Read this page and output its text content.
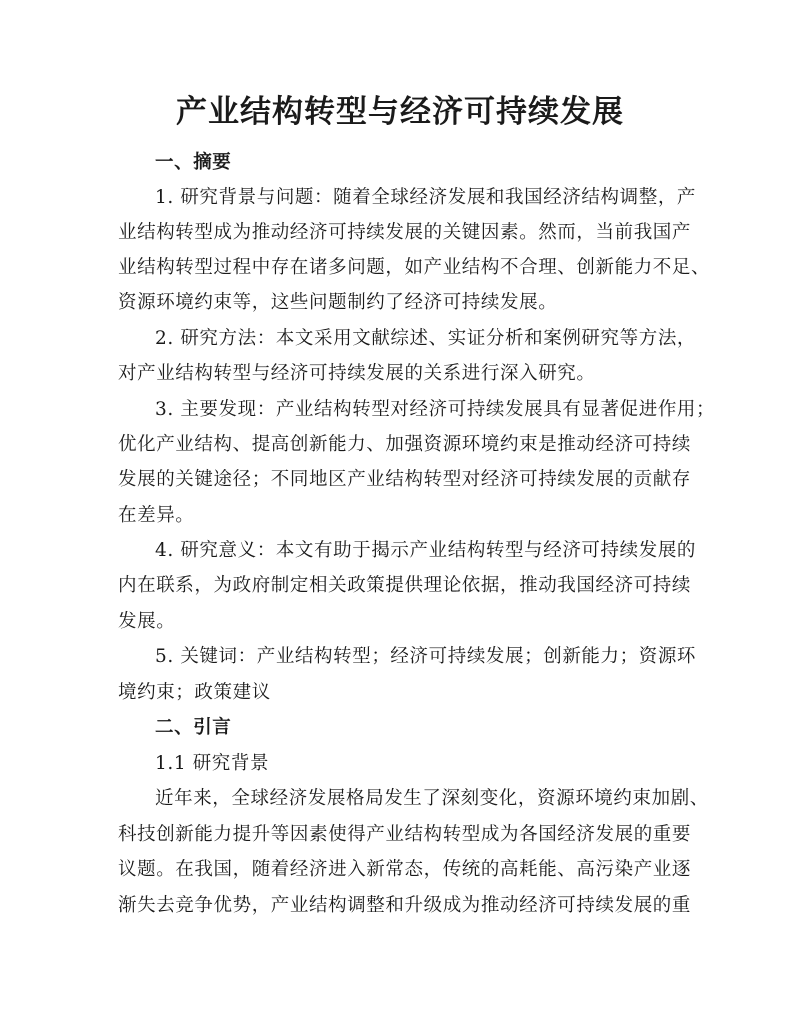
产业结构转型与经济可持续发展
一、摘要
1. 研究背景与问题：随着全球经济发展和我国经济结构调整，产
业结构转型成为推动经济可持续发展的关键因素。然而，当前我国产
业结构转型过程中存在诸多问题，如产业结构不合理、创新能力不足、
资源环境约束等，这些问题制约了经济可持续发展。
2. 研究方法：本文采用文献综述、实证分析和案例研究等方法，
对产业结构转型与经济可持续发展的关系进行深入研究。
3. 主要发现：产业结构转型对经济可持续发展具有显著促进作用；
优化产业结构、提高创新能力、加强资源环境约束是推动经济可持续
发展的关键途径；不同地区产业结构转型对经济可持续发展的贡献存
在差异。
4. 研究意义：本文有助于揭示产业结构转型与经济可持续发展的
内在联系，为政府制定相关政策提供理论依据，推动我国经济可持续
发展。
5. 关键词：产业结构转型；经济可持续发展；创新能力；资源环
境约束；政策建议
二、引言
1.1 研究背景
近年来，全球经济发展格局发生了深刻变化，资源环境约束加剧、
科技创新能力提升等因素使得产业结构转型成为各国经济发展的重要
议题。在我国，随着经济进入新常态，传统的高耗能、高污染产业逐
渐失去竞争优势，产业结构调整和升级成为推动经济可持续发展的重
